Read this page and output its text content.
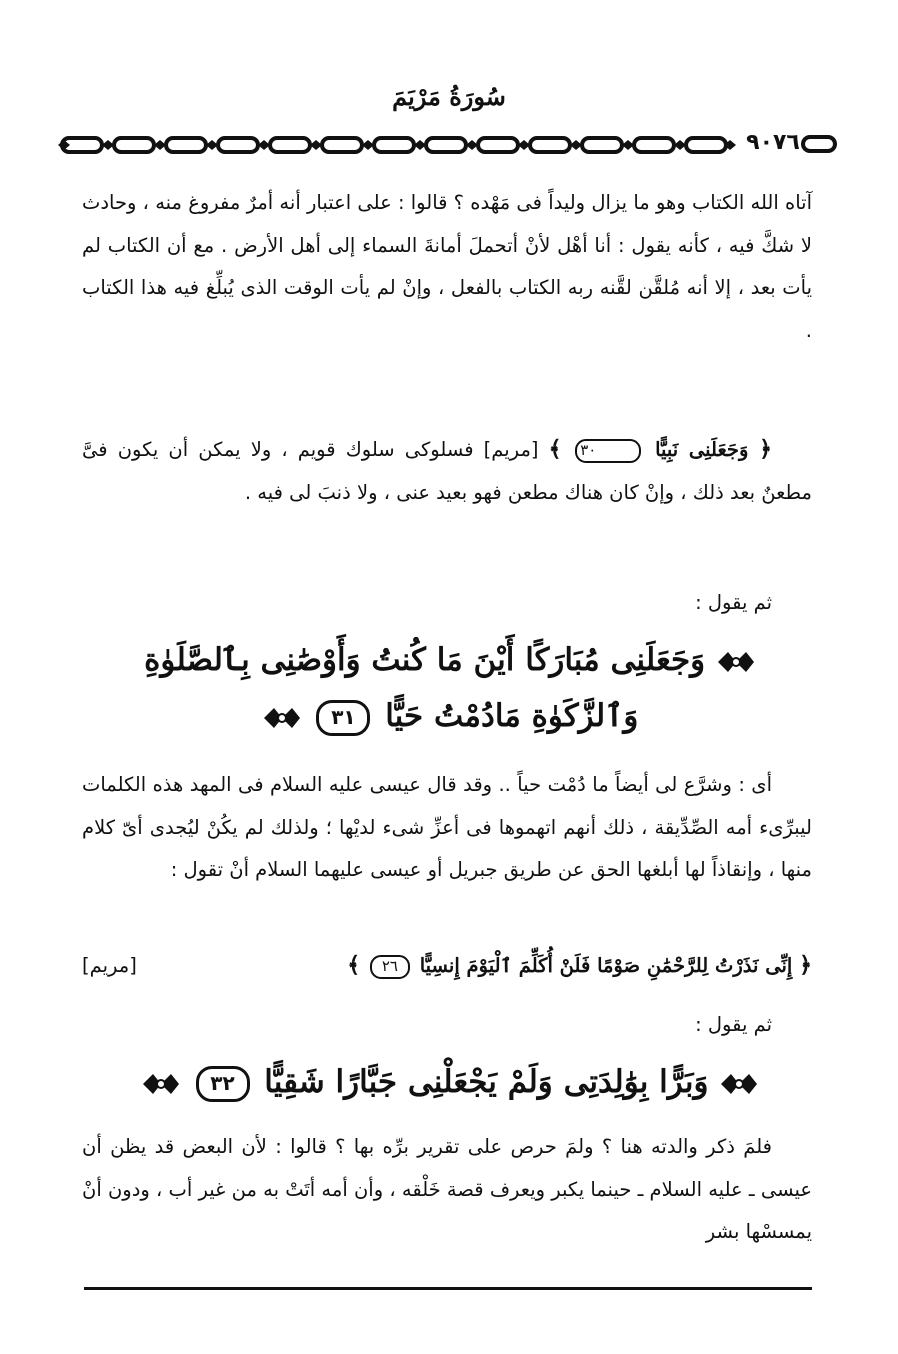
سُورَةُ مَرْيَمَ
٩٠٧٦

آتاه الله الكتاب وهو ما يزال وليداً فى مَهْده ؟ قالوا : على اعتبار أنه أمرٌ مفروغ منه ، وحادث لا شكَّ فيه ، كأنه يقول : أنا أهْل لأنْ أتحملَ أمانةَ السماء إلى أهل الأرض . مع أن الكتاب لم يأت بعد ، إلا أنه مُلقَّن لقَّنه ربه الكتاب بالفعل ، وإنْ لم يأت الوقت الذى يُبلِّغ فيه هذا الكتاب .

﴿ وَجَعَلَنِى نَبِيًّا ٣٠ ﴾ [مريم] فسلوكى سلوك قويم ، ولا يمكن أن يكون فىَّ مطعنٌ بعد ذلك ، وإنْ كان هناك مطعن فهو بعيد عنى ، ولا ذنبَ لى فيه .

ثم يقول :

وَجَعَلَنِى مُبَارَكًا أَيْنَ مَا كُنتُ وَأَوْصَٰنِى بِٱلصَّلَوٰةِ
وَٱلزَّكَوٰةِ مَادُمْتُ حَيًّا ٣١

أى : وشرَّع لى أيضاً ما دُمْت حياً .. وقد قال عيسى عليه السلام فى المهد هذه الكلمات ليبرِّىء أمه الصِّدِّيقة ، ذلك أنهم اتهموها فى أعزِّ شىء لديْها ؛ ولذلك لم يكُنْ ليُجدى أىّ كلام منها ، وإنقاذاً لها أبلغها الحق عن طريق جبريل أو عيسى عليهما السلام أنْ تقول :

﴿ إِنِّى نَذَرْتُ لِلرَّحْمَٰنِ صَوْمًا فَلَنْ أُكَلِّمَ ٱلْيَوْمَ إِنسِيًّا ٢٦ ﴾
[مريم]

ثم يقول :

وَبَرًّا بِوَٰلِدَتِى وَلَمْ يَجْعَلْنِى جَبَّارًا شَقِيًّا ٣٢

فلمَ ذكر والدته هنا ؟ ولمَ حرص على تقرير برِّه بها ؟ قالوا : لأن البعض قد يظن أن عيسى ـ عليه السلام ـ حينما يكبر ويعرف قصة خَلْقه ، وأن أمه أتَتْ به من غير أب ، ودون أنْ يمسسْها بشر
